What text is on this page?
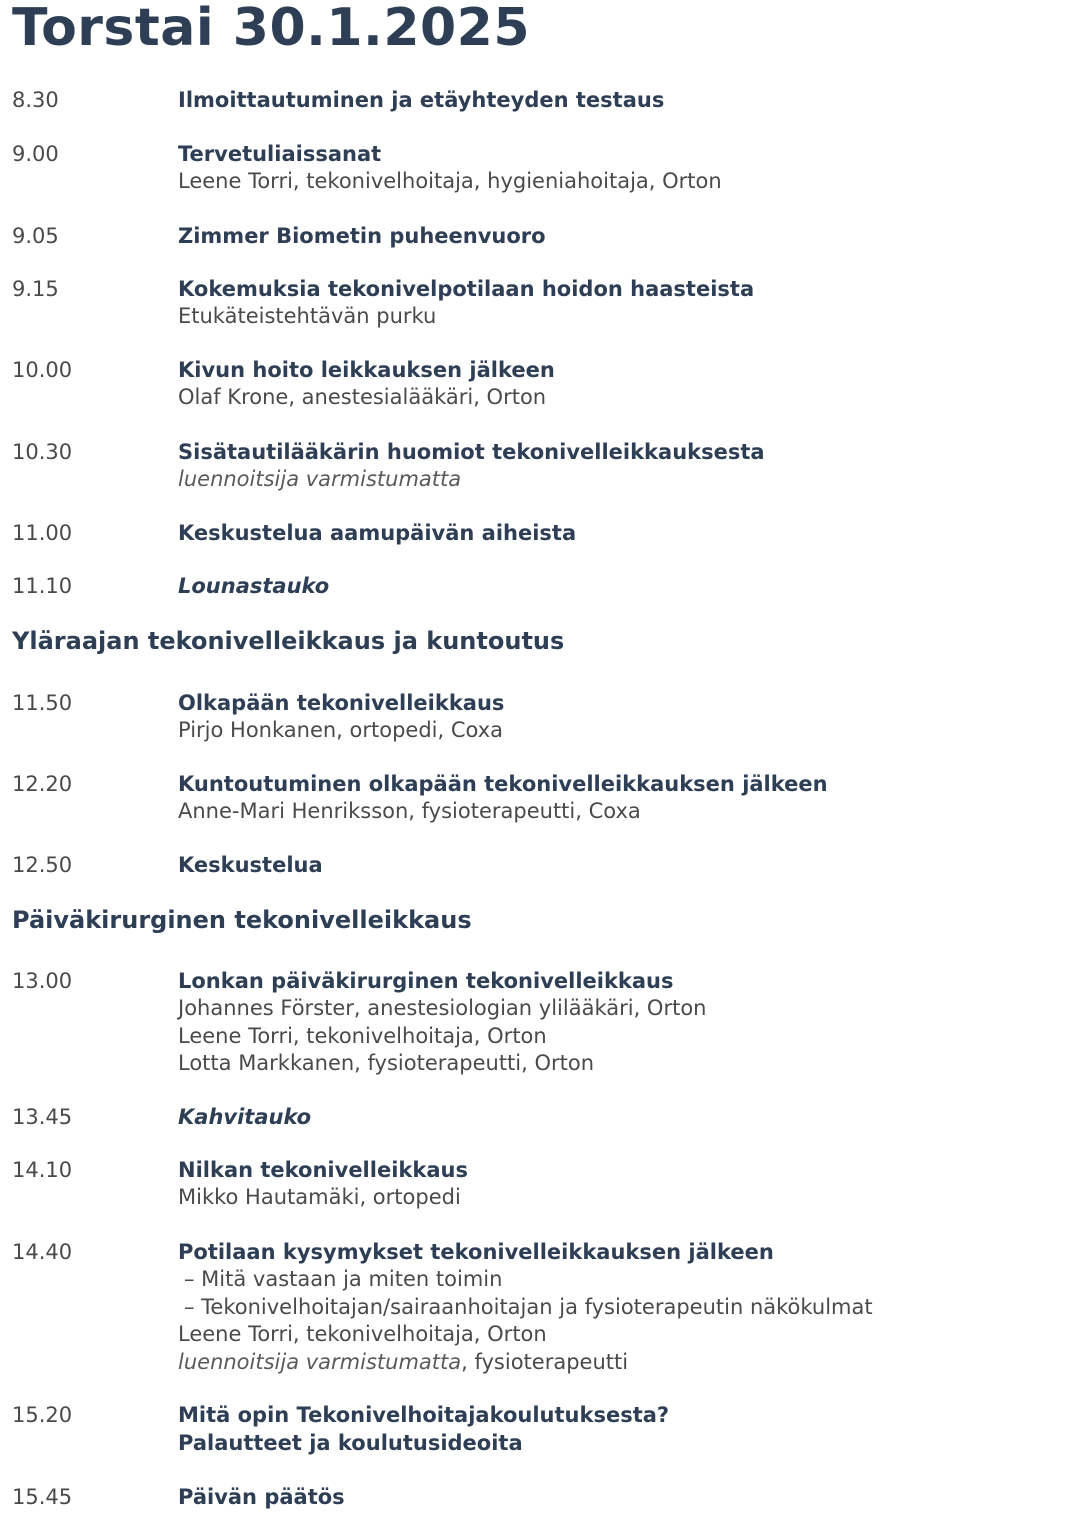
Torstai 30.1.2025
8.30	Ilmoittautuminen ja etäyhteyden testaus
9.00	Tervetuliaissanat
Leene Torri, tekonivelhoitaja, hygieniahoitaja, Orton
9.05	Zimmer Biometin puheenvuoro
9.15	Kokemuksia tekonivelpotilaan hoidon haasteista
Etukäteistehtävän purku
10.00	Kivun hoito leikkauksen jälkeen
Olaf Krone, anestesialääkäri, Orton
10.30	Sisätautilääkärin huomiot tekonivelleikkauksesta
luennoitsija varmistumatta
11.00	Keskustelua aamupäivän aiheista
11.10	Lounastauko
Yläraajan tekonivelleikkaus ja kuntoutus
11.50	Olkapään tekonivelleikkaus
Pirjo Honkanen, ortopedi, Coxa
12.20	Kuntoutuminen olkapään tekonivelleikkauksen jälkeen
Anne-Mari Henriksson, fysioterapeutti, Coxa
12.50	Keskustelua
Päiväkirurginen tekonivelleikkaus
13.00	Lonkan päiväkirurginen tekonivelleikkaus
Johannes Förster, anestesiologian ylilääkäri, Orton
Leene Torri, tekonivelhoitaja, Orton
Lotta Markkanen, fysioterapeutti, Orton
13.45	Kahvitauko
14.10	Nilkan tekonivelleikkaus
Mikko Hautamäki, ortopedi
14.40	Potilaan kysymykset tekonivelleikkauksen jälkeen
– Mitä vastaan ja miten toimin
– Tekonivelhoitajan/sairaanhoitajan ja fysioterapeutin näkökulmat
Leene Torri, tekonivelhoitaja, Orton
luennoitsija varmistumatta, fysioterapeutti
15.20	Mitä opin Tekonivelhoitajakoulutuksesta?
Palautteet ja koulutusideoita
15.45	Päivän päätös
